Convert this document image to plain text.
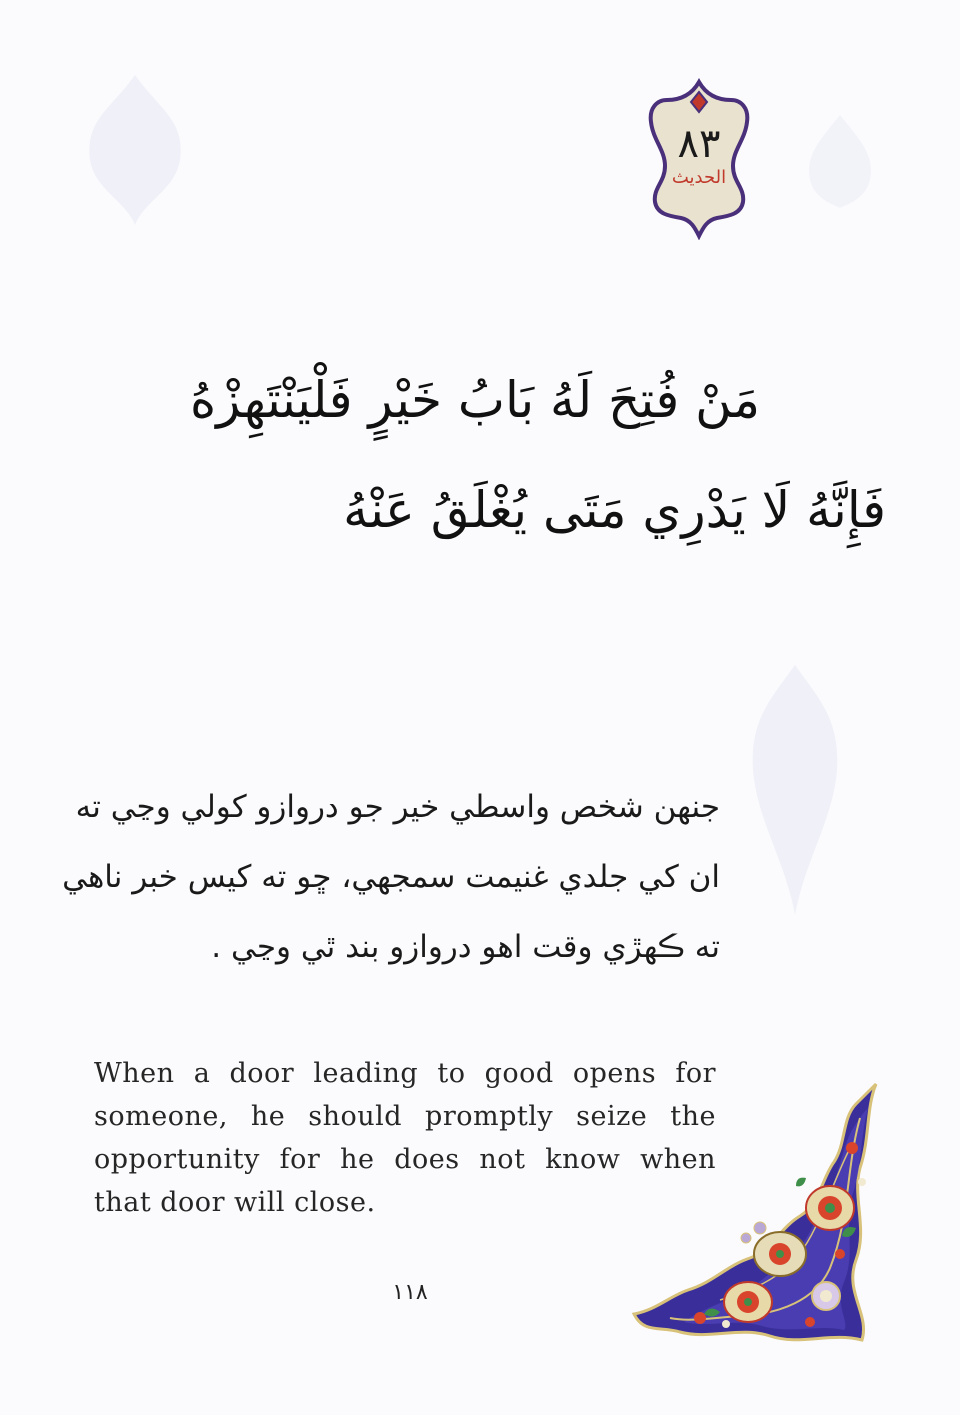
٨٣
الحديث
مَنْ فُتِحَ لَهُ بَابُ خَيْرٍ فَلْيَنْتَهِزْهُ
فَإِنَّهُ لَا يَدْرِي مَتَى يُغْلَقُ عَنْهُ
جنھن شخص واسطي خير جو دروازو کولي وڃي ته
ان کي جلدي غنيمت سمجهي، ڇو ته کيس خبر ناهي
ته ڪهڙي وقت اهو دروازو بند ٿي وڃي .
When a door leading to good opens for
someone, he should promptly seize the
opportunity for he does not know when
that door will close.
١١٨
